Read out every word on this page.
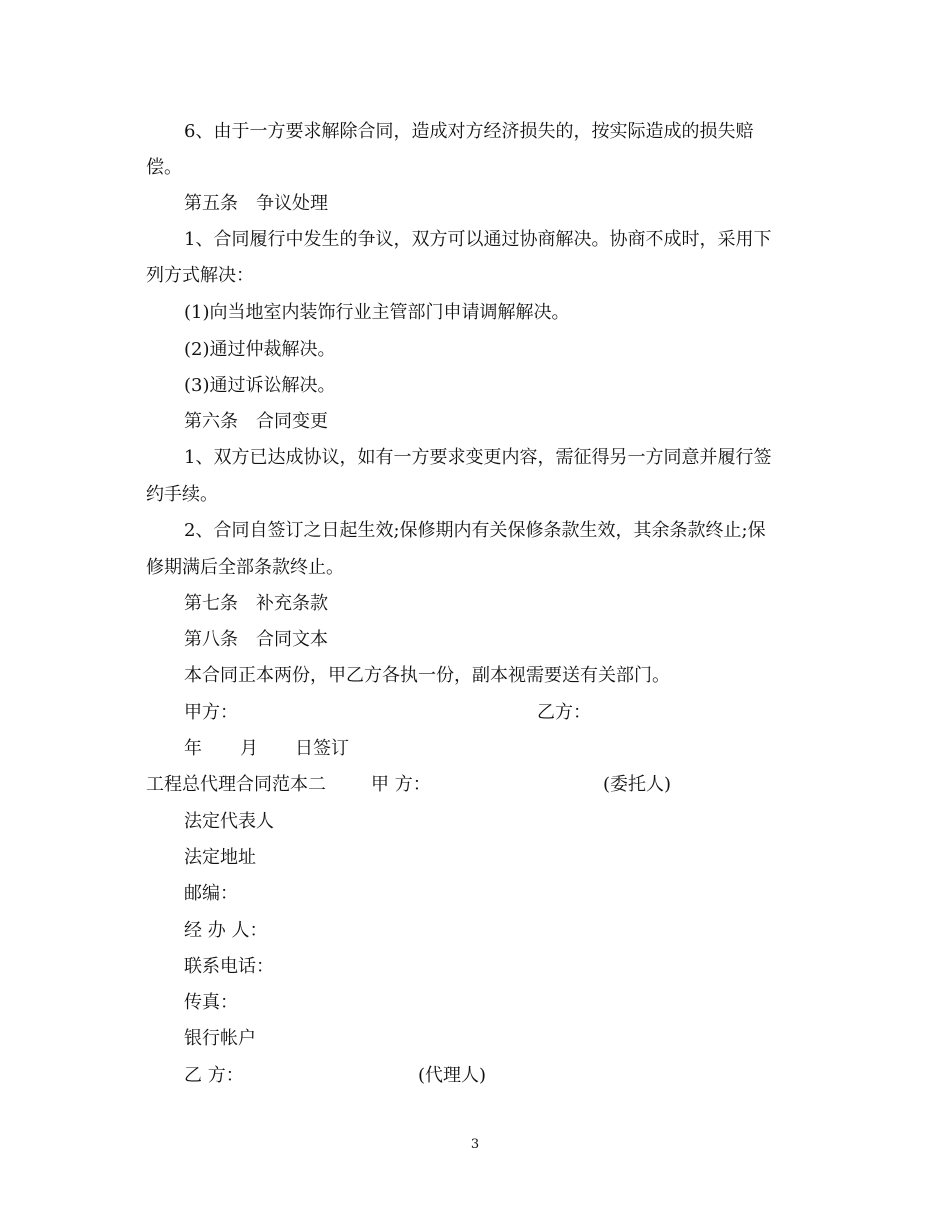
6、由于一方要求解除合同，造成对方经济损失的，按实际造成的损失赔
偿。
第五条　争议处理
1、合同履行中发生的争议，双方可以通过协商解决。协商不成时，采用下
列方式解决：
(1)向当地室内装饰行业主管部门申请调解解决。
(2)通过仲裁解决。
(3)通过诉讼解决。
第六条　合同变更
1、双方已达成协议，如有一方要求变更内容，需征得另一方同意并履行签
约手续。
2、合同自签订之日起生效;保修期内有关保修条款生效，其余条款终止;保
修期满后全部条款终止。
第七条　补充条款
第八条　合同文本
本合同正本两份，甲乙方各执一份，副本视需要送有关部门。
甲方：	乙方：
年 月 日签订
工程总代理合同范本二	甲 方：	(委托人)
法定代表人
法定地址
邮编：
经 办 人：
联系电话：
传真：
银行帐户
乙 方：	(代理人)
3
